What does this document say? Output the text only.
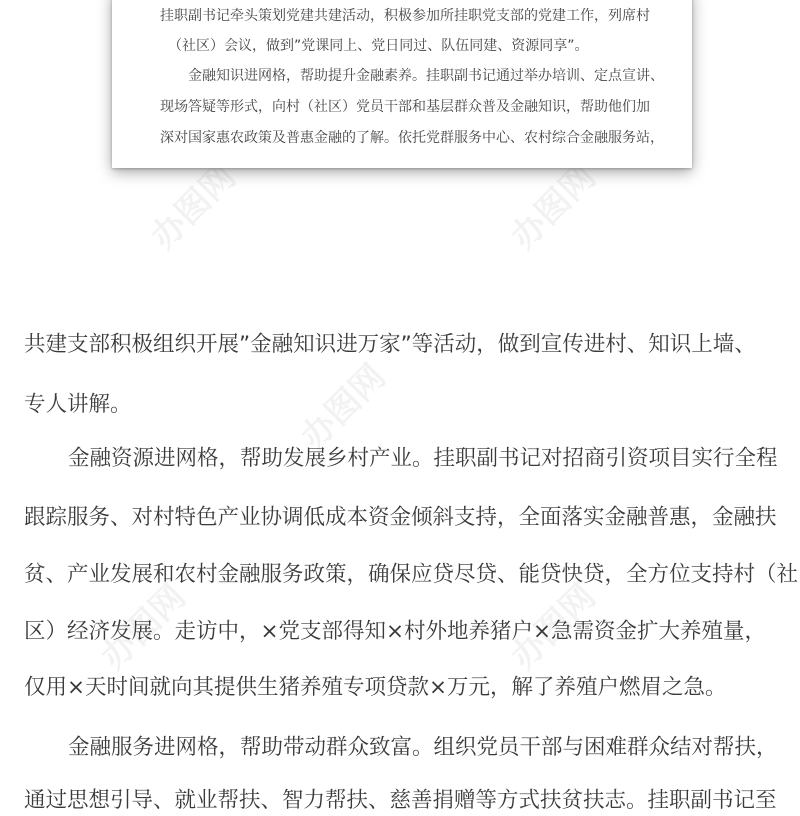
办图网	办图网
办图网
办图网	办图网
挂职副书记牵头策划党建共建活动，积极参加所挂职党支部的党建工作，列席村
（社区）会议，做到”党课同上、党日同过、队伍同建、资源同享”。
金融知识进网格，帮助提升金融素养。挂职副书记通过举办培训、定点宣讲、
现场答疑等形式，向村（社区）党员干部和基层群众普及金融知识，帮助他们加
深对国家惠农政策及普惠金融的了解。依托党群服务中心、农村综合金融服务站，
共建支部积极组织开展”金融知识进万家”等活动，做到宣传进村、知识上墙、
专人讲解。
金融资源进网格，帮助发展乡村产业。挂职副书记对招商引资项目实行全程
跟踪服务、对村特色产业协调低成本资金倾斜支持，全面落实金融普惠，金融扶
贫、产业发展和农村金融服务政策，确保应贷尽贷、能贷快贷，全方位支持村（社
区）经济发展。走访中，×党支部得知×村外地养猪户×急需资金扩大养殖量，
仅用×天时间就向其提供生猪养殖专项贷款×万元，解了养殖户燃眉之急。
金融服务进网格，帮助带动群众致富。组织党员干部与困难群众结对帮扶，
通过思想引导、就业帮扶、智力帮扶、慈善捐赠等方式扶贫扶志。挂职副书记至
